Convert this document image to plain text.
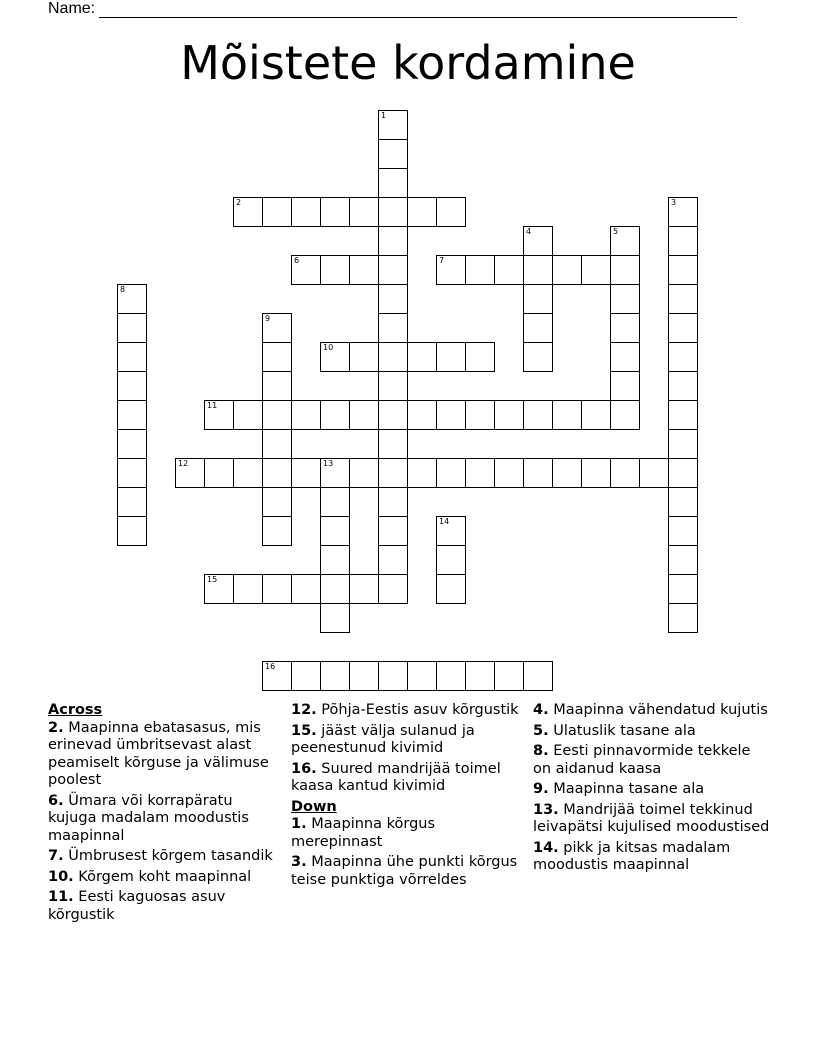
Name:
Mõistete kordamine
1
2	3
4	5
6	7
8
9
10
11
12	13
14
15
16
Across
2. Maapinna ebatasasus, mis erinevad ümbritsevast alast peamiselt kõrguse ja välimuse poolest
6. Ümara või korrapäratu kujuga madalam moodustis maapinnal
7. Ümbrusest kõrgem tasandik
10. Kõrgem koht maapinnal
11. Eesti kaguosas asuv kõrgustik
12. Põhja-Eestis asuv kõrgustik
15. jääst välja sulanud ja peenestunud kivimid
16. Suured mandrijää toimel kaasa kantud kivimid
Down
1. Maapinna kõrgus merepinnast
3. Maapinna ühe punkti kõrgus teise punktiga võrreldes
4. Maapinna vähendatud kujutis
5. Ulatuslik tasane ala
8. Eesti pinnavormide tekkele on aidanud kaasa
9. Maapinna tasane ala
13. Mandrijää toimel tekkinud leivapätsi kujulised moodustised
14. pikk ja kitsas madalam moodustis maapinnal
